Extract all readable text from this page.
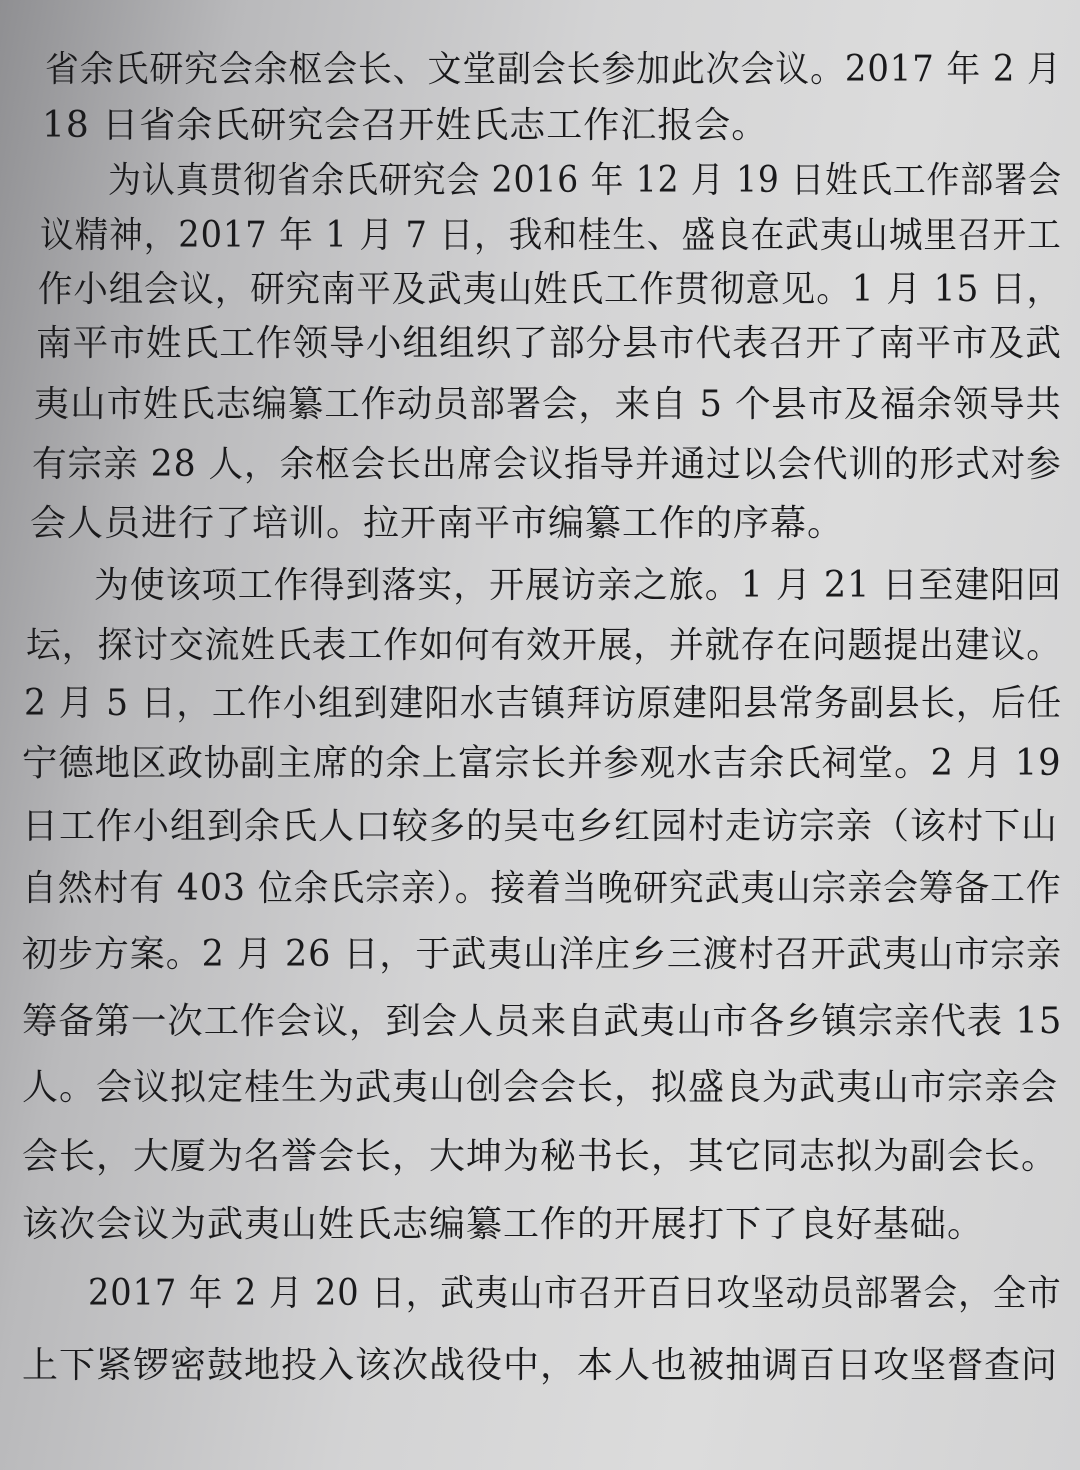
省余氏研究会余枢会长、文堂副会长参加此次会议。2017 年 2 月
18 日省余氏研究会召开姓氏志工作汇报会。
为认真贯彻省余氏研究会 2016 年 12 月 19 日姓氏工作部署会
议精神，2017 年 1 月 7 日，我和桂生、盛良在武夷山城里召开工
作小组会议，研究南平及武夷山姓氏工作贯彻意见。1 月 15 日，
南平市姓氏工作领导小组组织了部分县市代表召开了南平市及武
夷山市姓氏志编纂工作动员部署会，来自 5 个县市及福余领导共
有宗亲 28 人，余枢会长出席会议指导并通过以会代训的形式对参
会人员进行了培训。拉开南平市编纂工作的序幕。
为使该项工作得到落实，开展访亲之旅。1 月 21 日至建阳回
坛，探讨交流姓氏表工作如何有效开展，并就存在问题提出建议。
2 月 5 日，工作小组到建阳水吉镇拜访原建阳县常务副县长，后任
宁德地区政协副主席的余上富宗长并参观水吉余氏祠堂。2 月 19
日工作小组到余氏人口较多的吴屯乡红园村走访宗亲（该村下山
自然村有 403 位余氏宗亲）。接着当晚研究武夷山宗亲会筹备工作
初步方案。2 月 26 日，于武夷山洋庄乡三渡村召开武夷山市宗亲
筹备第一次工作会议，到会人员来自武夷山市各乡镇宗亲代表 15
人。会议拟定桂生为武夷山创会会长，拟盛良为武夷山市宗亲会
会长，大厦为名誉会长，大坤为秘书长，其它同志拟为副会长。
该次会议为武夷山姓氏志编纂工作的开展打下了良好基础。
2017 年 2 月 20 日，武夷山市召开百日攻坚动员部署会，全市
上下紧锣密鼓地投入该次战役中，本人也被抽调百日攻坚督查问
